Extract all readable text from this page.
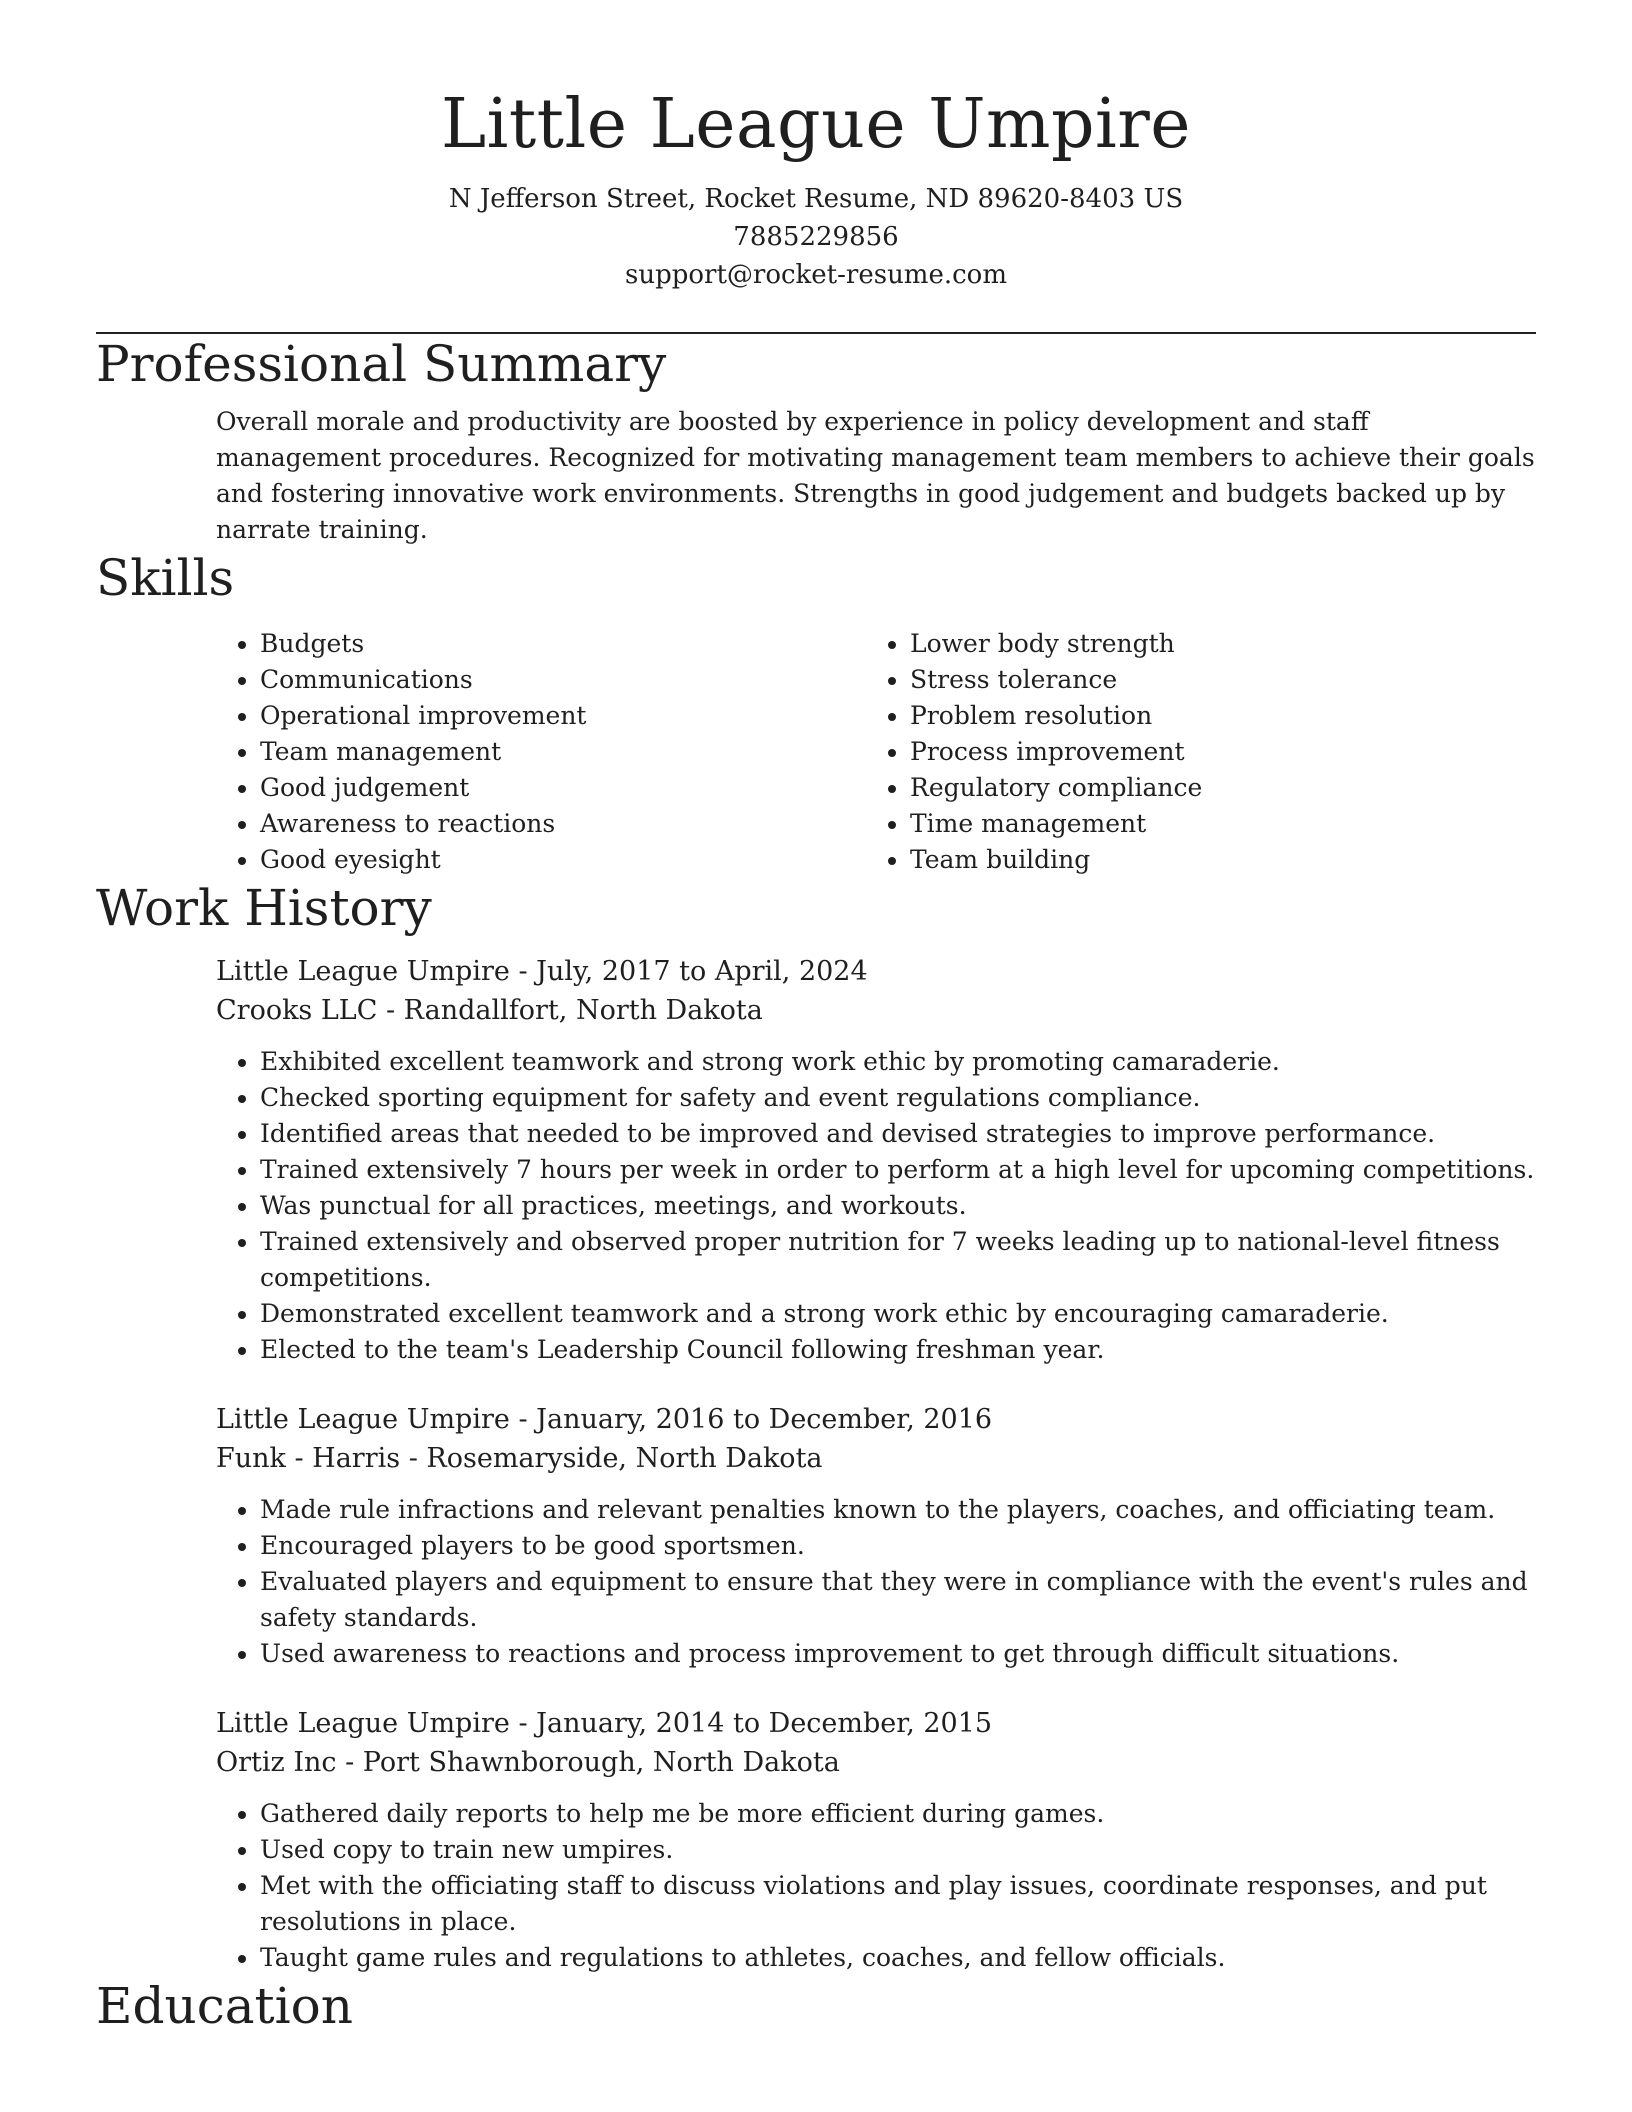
Little League Umpire

N Jefferson Street, Rocket Resume, ND 89620-8403 US

7885229856

support@rocket-resume.com

Professional Summary

Overall morale and productivity are boosted by experience in policy development and staff management procedures. Recognized for motivating management team members to achieve their goals and fostering innovative work environments. Strengths in good judgement and budgets backed up by narrate training.

Skills
• Budgets
• Communications
• Operational improvement
• Team management
• Good judgement
• Awareness to reactions
• Good eyesight
• Lower body strength
• Stress tolerance
• Problem resolution
• Process improvement
• Regulatory compliance
• Time management
• Team building
Work History

Little League Umpire - July, 2017 to April, 2024

Crooks LLC - Randallfort, North Dakota

• Exhibited excellent teamwork and strong work ethic by promoting camaraderie.
• Checked sporting equipment for safety and event regulations compliance.
• Identified areas that needed to be improved and devised strategies to improve performance.
• Trained extensively 7 hours per week in order to perform at a high level for upcoming competitions.
• Was punctual for all practices, meetings, and workouts.
• Trained extensively and observed proper nutrition for 7 weeks leading up to national-level fitness competitions.
• Demonstrated excellent teamwork and a strong work ethic by encouraging camaraderie.
• Elected to the team's Leadership Council following freshman year.

Little League Umpire - January, 2016 to December, 2016

Funk - Harris - Rosemaryside, North Dakota

• Made rule infractions and relevant penalties known to the players, coaches, and officiating team.
• Encouraged players to be good sportsmen.
• Evaluated players and equipment to ensure that they were in compliance with the event's rules and safety standards.
• Used awareness to reactions and process improvement to get through difficult situations.

Little League Umpire - January, 2014 to December, 2015

Ortiz Inc - Port Shawnborough, North Dakota

• Gathered daily reports to help me be more efficient during games.
• Used copy to train new umpires.
• Met with the officiating staff to discuss violations and play issues, coordinate responses, and put resolutions in place.
• Taught game rules and regulations to athletes, coaches, and fellow officials.
Education
